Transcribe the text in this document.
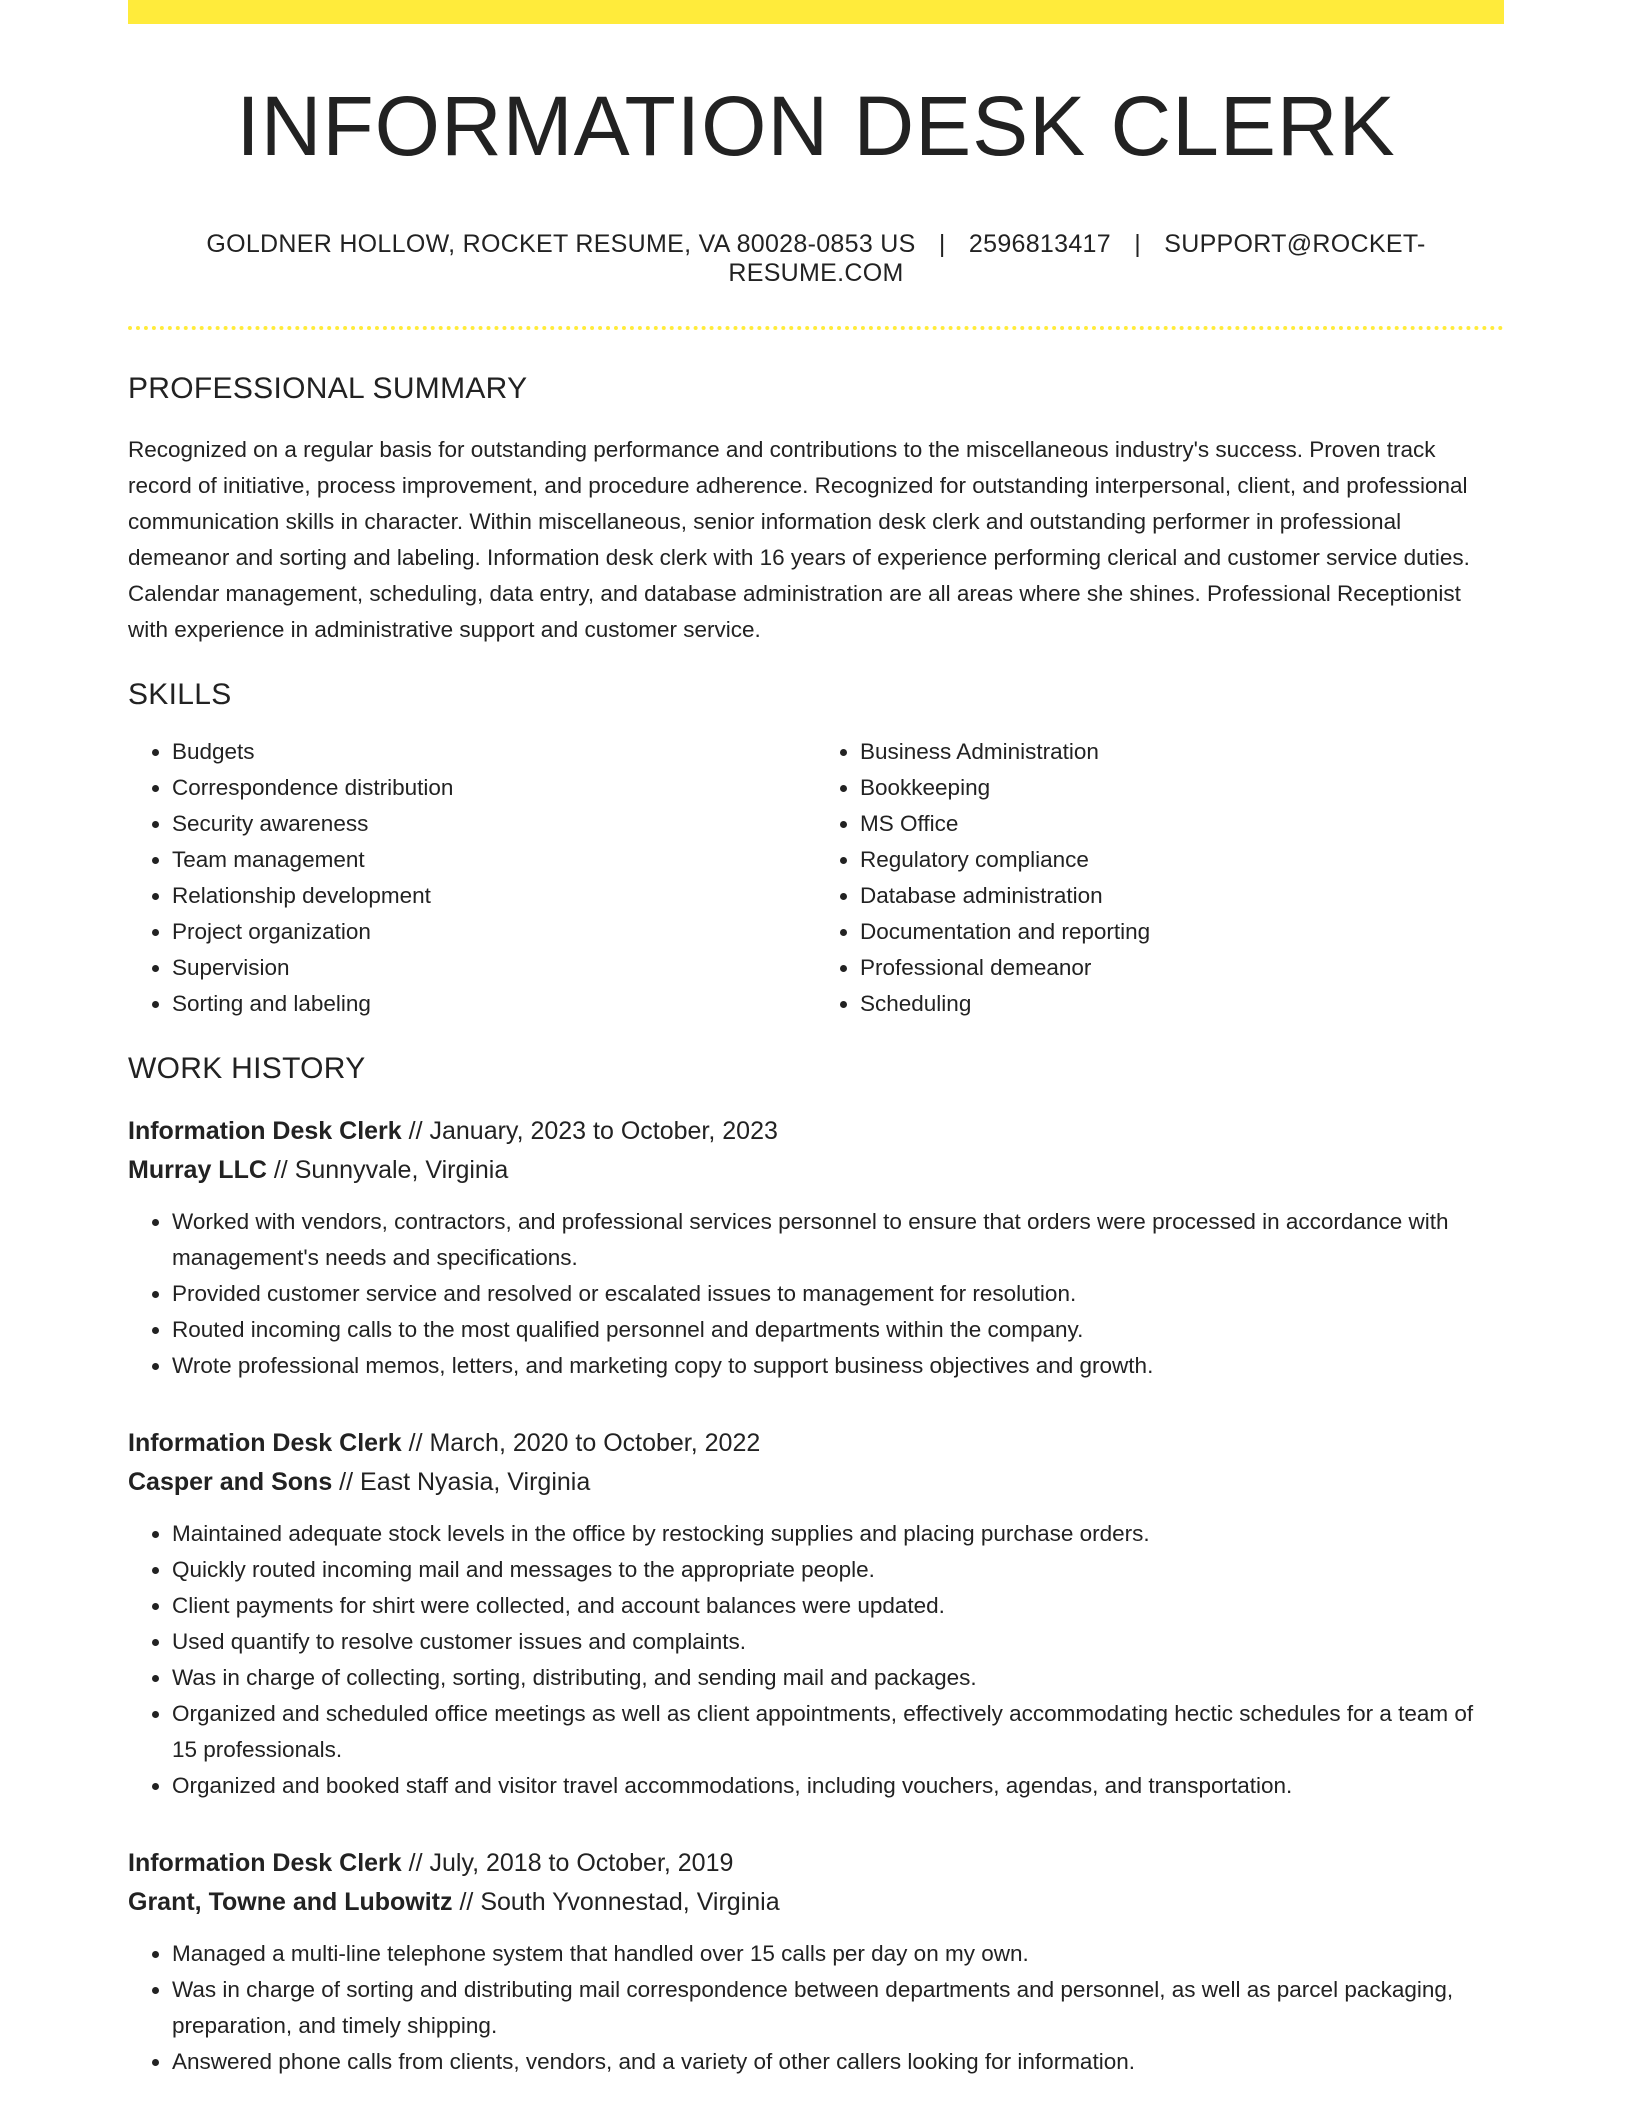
INFORMATION DESK CLERK
GOLDNER HOLLOW, ROCKET RESUME, VA 80028-0853 US | 2596813417 | SUPPORT@ROCKET-RESUME.COM
PROFESSIONAL SUMMARY

Recognized on a regular basis for outstanding performance and contributions to the miscellaneous industry's success. Proven track record of initiative, process improvement, and procedure adherence. Recognized for outstanding interpersonal, client, and professional communication skills in character. Within miscellaneous, senior information desk clerk and outstanding performer in professional demeanor and sorting and labeling. Information desk clerk with 16 years of experience performing clerical and customer service duties. Calendar management, scheduling, data entry, and database administration are all areas where she shines. Professional Receptionist with experience in administrative support and customer service.

SKILLS
• Budgets
• Correspondence distribution
• Security awareness
• Team management
• Relationship development
• Project organization
• Supervision
• Sorting and labeling
• Business Administration
• Bookkeeping
• MS Office
• Regulatory compliance
• Database administration
• Documentation and reporting
• Professional demeanor
• Scheduling
WORK HISTORY
Information Desk Clerk // January, 2023 to October, 2023
Murray LLC // Sunnyvale, Virginia
• Worked with vendors, contractors, and professional services personnel to ensure that orders were processed in accordance with management's needs and specifications.
• Provided customer service and resolved or escalated issues to management for resolution.
• Routed incoming calls to the most qualified personnel and departments within the company.
• Wrote professional memos, letters, and marketing copy to support business objectives and growth.
Information Desk Clerk // March, 2020 to October, 2022
Casper and Sons // East Nyasia, Virginia
• Maintained adequate stock levels in the office by restocking supplies and placing purchase orders.
• Quickly routed incoming mail and messages to the appropriate people.
• Client payments for shirt were collected, and account balances were updated.
• Used quantify to resolve customer issues and complaints.
• Was in charge of collecting, sorting, distributing, and sending mail and packages.
• Organized and scheduled office meetings as well as client appointments, effectively accommodating hectic schedules for a team of 15 professionals.
• Organized and booked staff and visitor travel accommodations, including vouchers, agendas, and transportation.
Information Desk Clerk // July, 2018 to October, 2019
Grant, Towne and Lubowitz // South Yvonnestad, Virginia
• Managed a multi-line telephone system that handled over 15 calls per day on my own.
• Was in charge of sorting and distributing mail correspondence between departments and personnel, as well as parcel packaging, preparation, and timely shipping.
• Answered phone calls from clients, vendors, and a variety of other callers looking for information.
